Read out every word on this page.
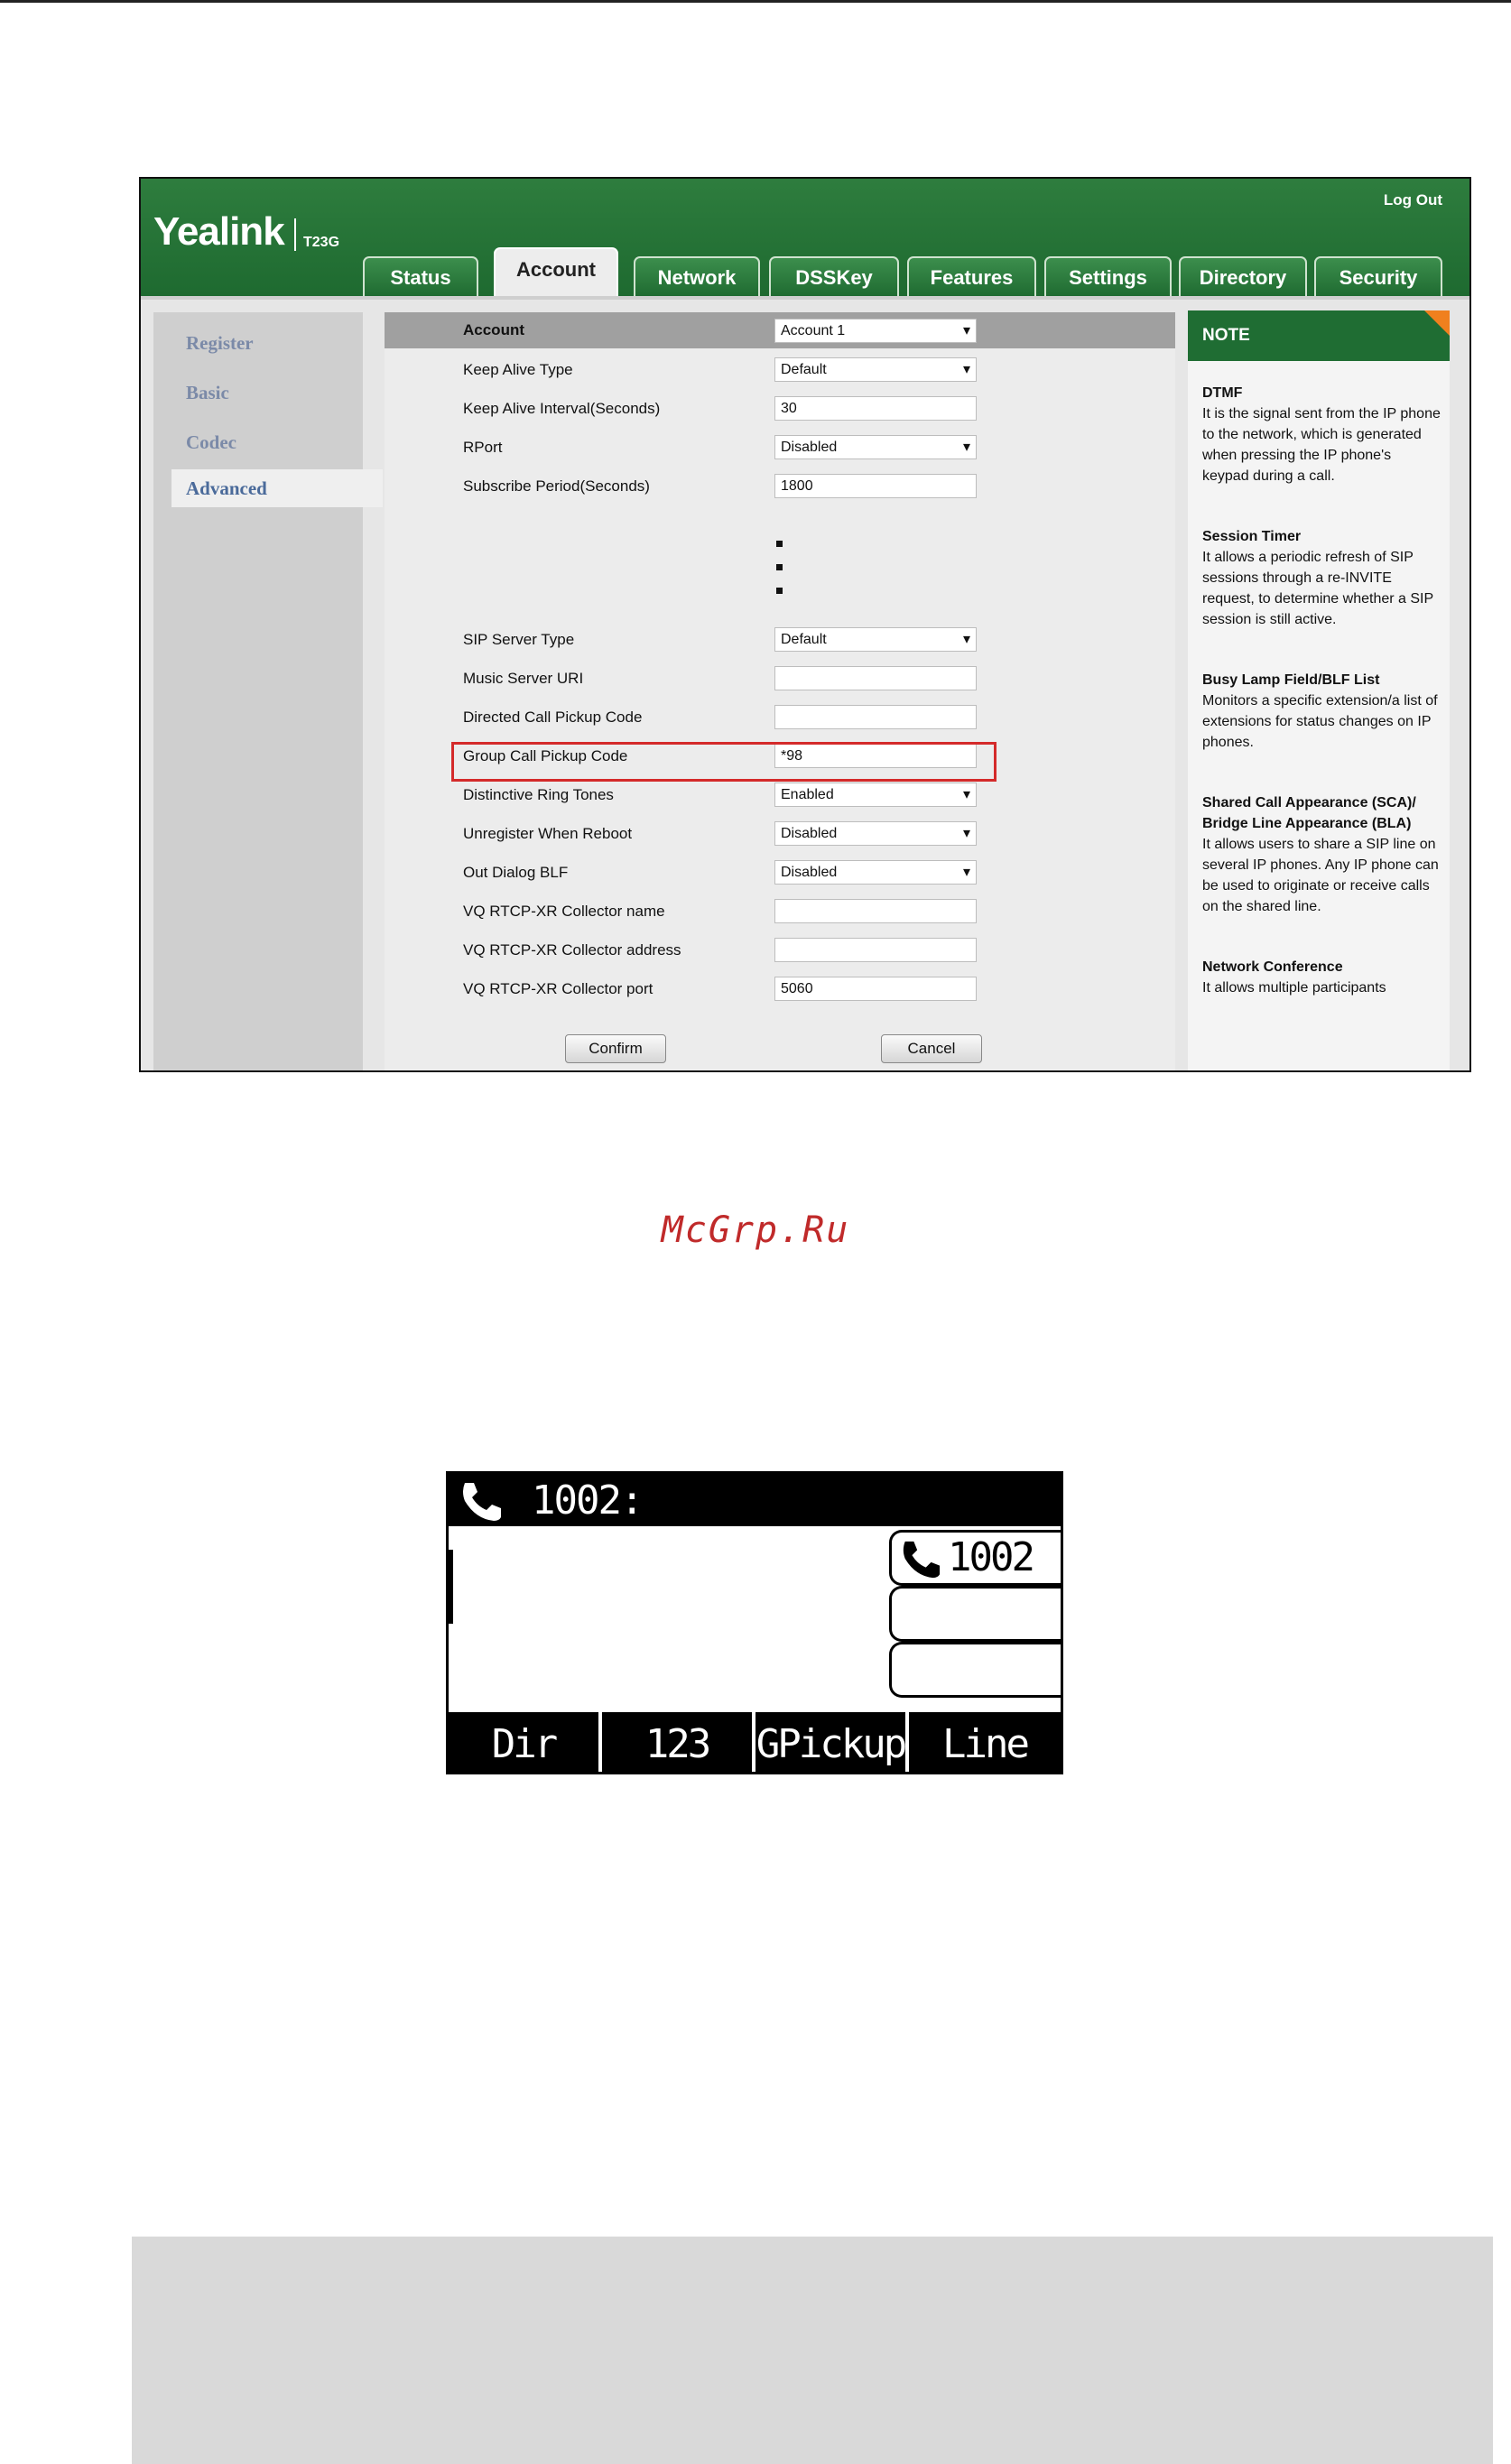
Yealink T23G
Log Out
Status	Account	Network	DSSKey	Features	Settings	Directory	Security
Register
Basic
Codec
Advanced
Account	Account 1 ▾
Keep Alive Type	Default ▾
Keep Alive Interval(Seconds)	30
RPort	Disabled ▾
Subscribe Period(Seconds)	1800
SIP Server Type	Default ▾
Music Server URI
Directed Call Pickup Code
Group Call Pickup Code	*98
Distinctive Ring Tones	Enabled ▾
Unregister When Reboot	Disabled ▾
Out Dialog BLF	Disabled ▾
VQ RTCP-XR Collector name
VQ RTCP-XR Collector address
VQ RTCP-XR Collector port	5060
Confirm	Cancel
NOTE
DTMF
It is the signal sent from the IP phone to the network, which is generated when pressing the IP phone's keypad during a call.
Session Timer
It allows a periodic refresh of SIP sessions through a re-INVITE request, to determine whether a SIP session is still active.
Busy Lamp Field/BLF List
Monitors a specific extension/a list of extensions for status changes on IP phones.
Shared Call Appearance (SCA)/ Bridge Line Appearance (BLA)
It allows users to share a SIP line on several IP phones. Any IP phone can be used to originate or receive calls on the shared line.
Network Conference
It allows multiple participants
McGrp.Ru
1002:
1002
Dir	123	GPickup Line
